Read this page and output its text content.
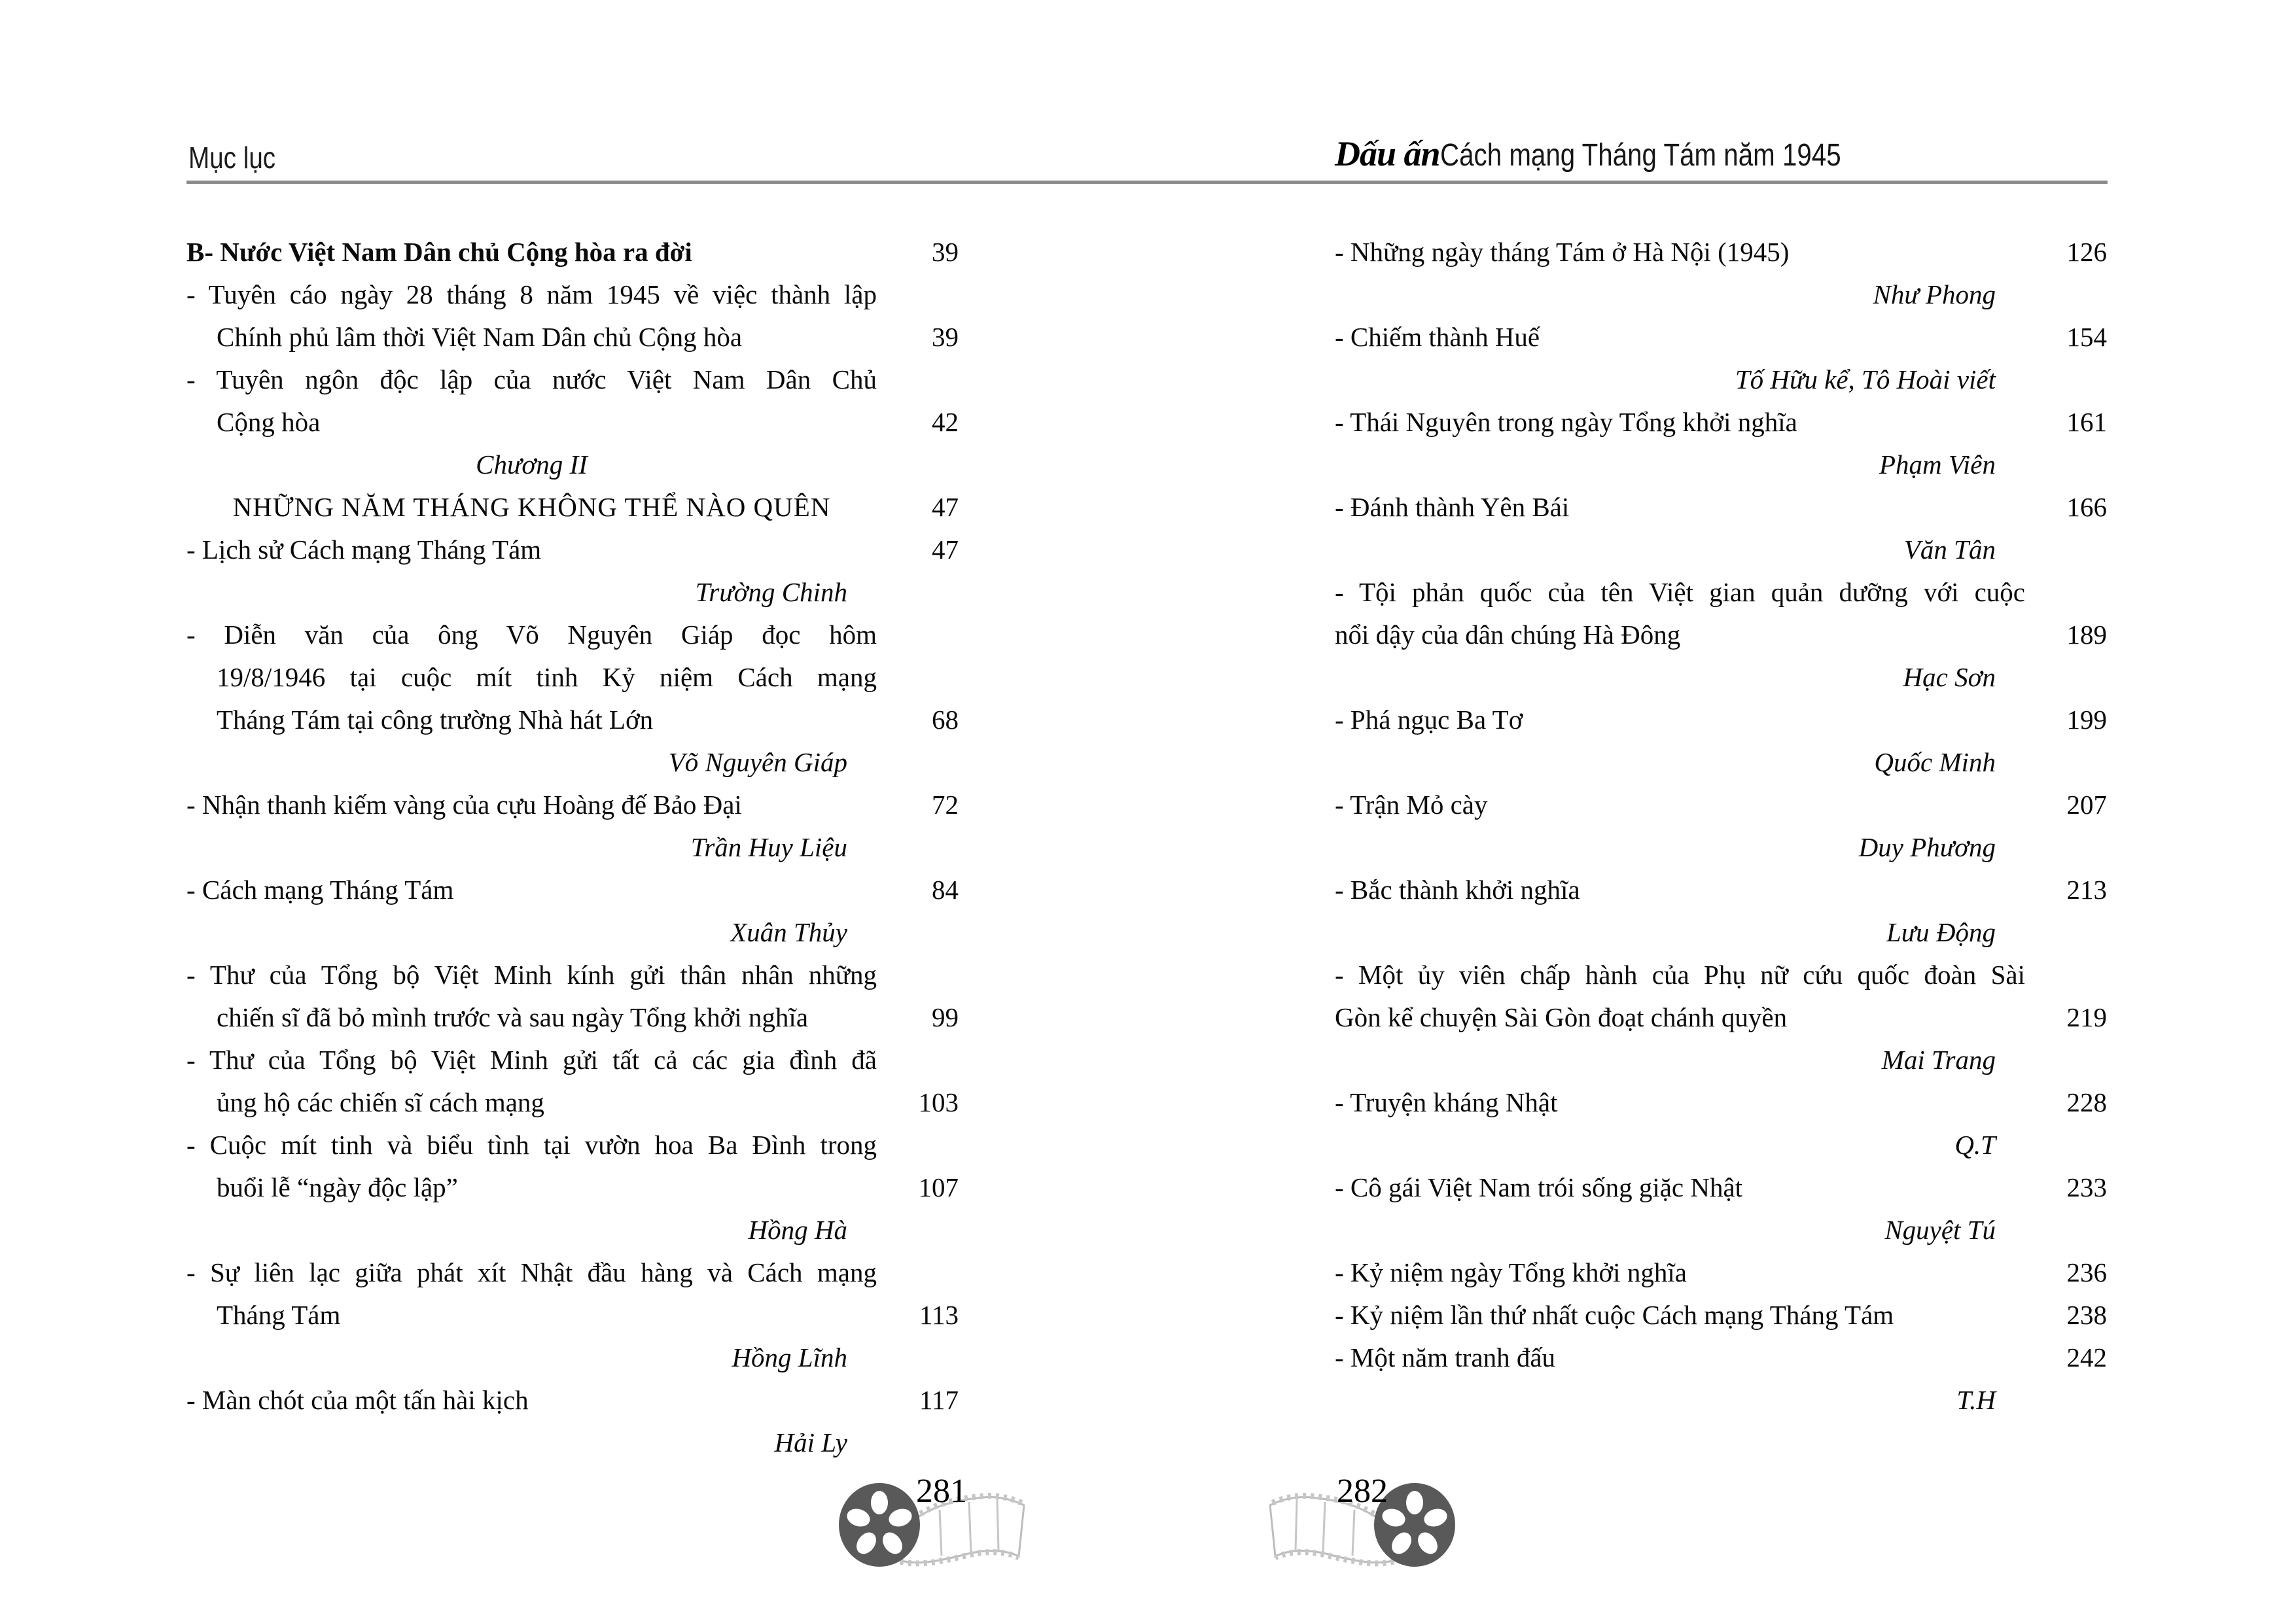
Mục lục	Dấu ấnCách mạng Tháng Tám năm 1945
B- Nước Việt Nam Dân chủ Cộng hòa ra đời	39
- Tuyên cáo ngày 28 tháng 8 năm 1945 về việc thành lập
Chính phủ lâm thời Việt Nam Dân chủ Cộng hòa	39
- Tuyên ngôn độc lập của nước Việt Nam Dân Chủ
Cộng hòa	42
Chương II
NHỮNG NĂM THÁNG KHÔNG THỂ NÀO QUÊN	47
- Lịch sử Cách mạng Tháng Tám	47
Trường Chinh
- Diễn văn của ông Võ Nguyên Giáp đọc hôm
19/8/1946 tại cuộc mít tinh Kỷ niệm Cách mạng
Tháng Tám tại công trường Nhà hát Lớn	68
Võ Nguyên Giáp
- Nhận thanh kiếm vàng của cựu Hoàng đế Bảo Đại	72
Trần Huy Liệu
- Cách mạng Tháng Tám	84
Xuân Thủy
- Thư của Tổng bộ Việt Minh kính gửi thân nhân những
chiến sĩ đã bỏ mình trước và sau ngày Tổng khởi nghĩa	99
- Thư của Tổng bộ Việt Minh gửi tất cả các gia đình đã
ủng hộ các chiến sĩ cách mạng	103
- Cuộc mít tinh và biểu tình tại vườn hoa Ba Đình trong
buổi lễ “ngày độc lập”	107
Hồng Hà
- Sự liên lạc giữa phát xít Nhật đầu hàng và Cách mạng
Tháng Tám	113
Hồng Lĩnh
- Màn chót của một tấn hài kịch	117
Hải Ly
- Những ngày tháng Tám ở Hà Nội (1945)	126
Như Phong
- Chiếm thành Huế	154
Tố Hữu kể, Tô Hoài viết
- Thái Nguyên trong ngày Tổng khởi nghĩa	161
Phạm Viên
- Đánh thành Yên Bái	166
Văn Tân
- Tội phản quốc của tên Việt gian quản dưỡng với cuộc
nổi dậy của dân chúng Hà Đông	189
Hạc Sơn
- Phá ngục Ba Tơ	199
Quốc Minh
- Trận Mỏ cày	207
Duy Phương
- Bắc thành khởi nghĩa	213
Lưu Động
- Một ủy viên chấp hành của Phụ nữ cứu quốc đoàn Sài
Gòn kể chuyện Sài Gòn đoạt chánh quyền	219
Mai Trang
- Truyện kháng Nhật	228
Q.T
- Cô gái Việt Nam trói sống giặc Nhật	233
Nguyệt Tú
- Kỷ niệm ngày Tổng khởi nghĩa	236
- Kỷ niệm lần thứ nhất cuộc Cách mạng Tháng Tám	238
- Một năm tranh đấu	242
T.H
281	282
